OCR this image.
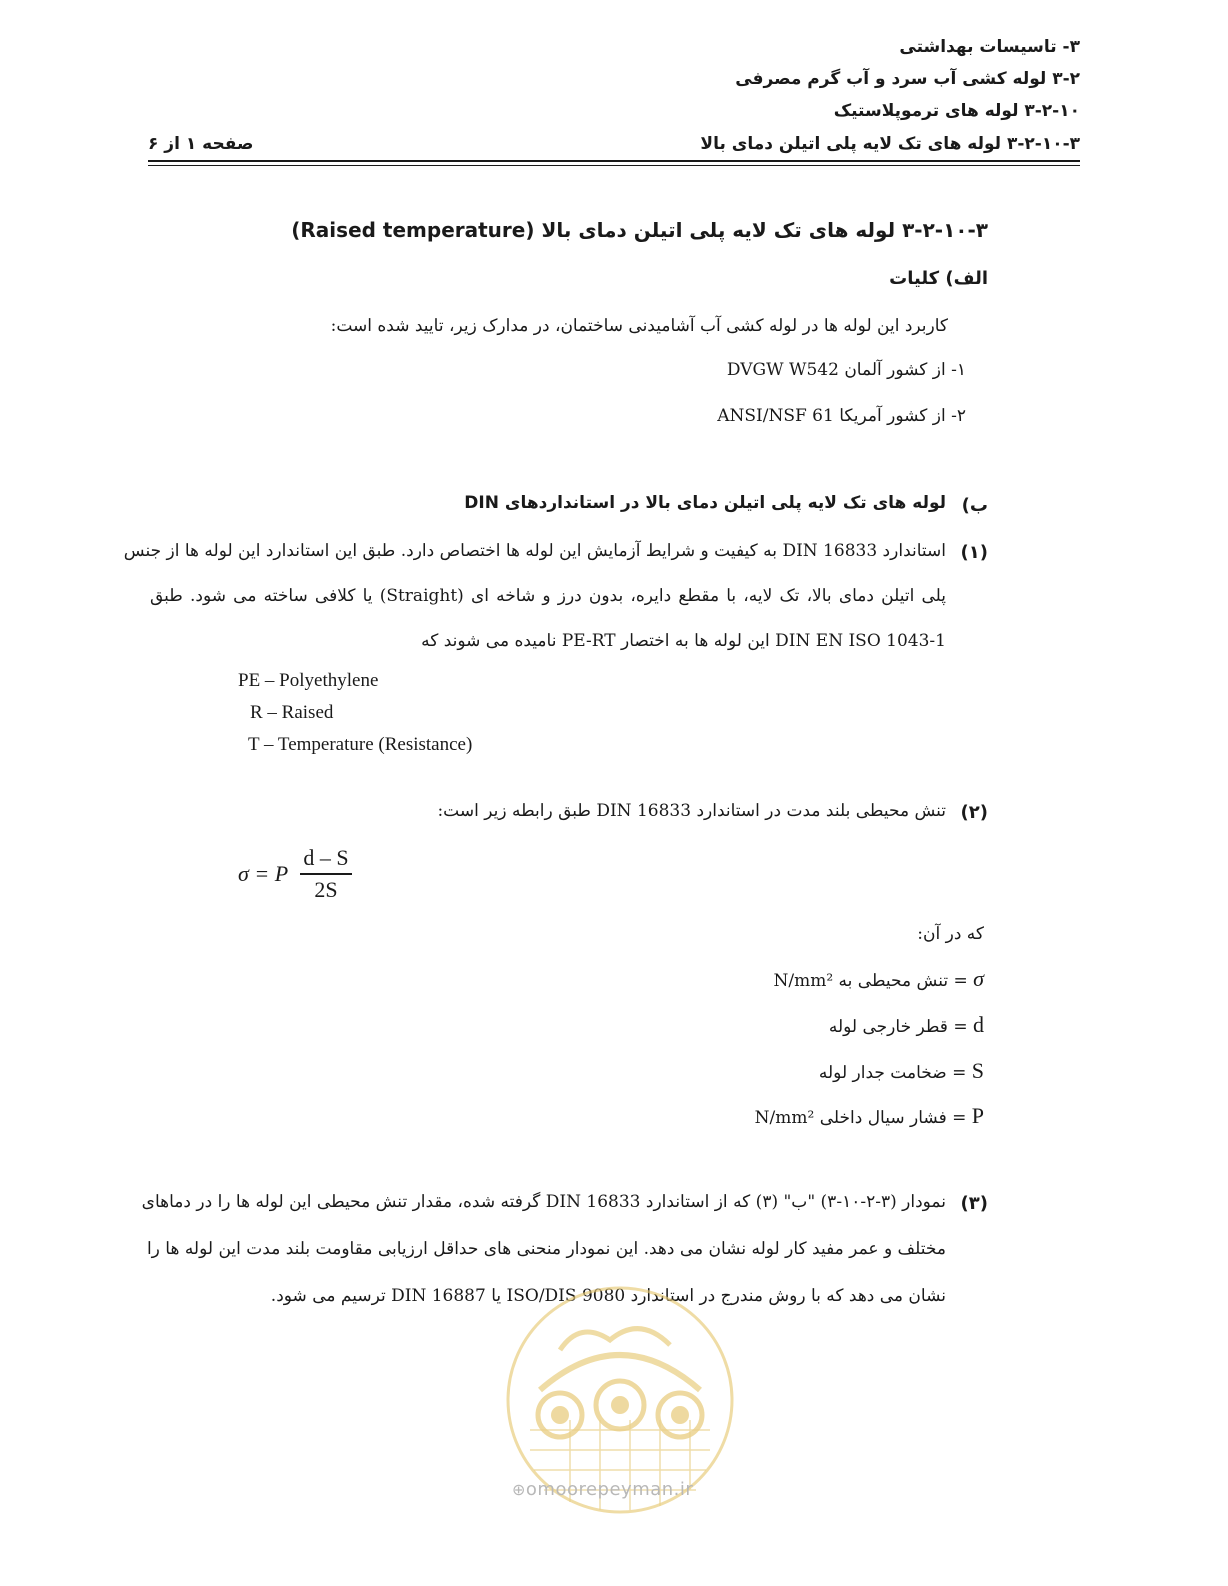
۳- تاسیسات بهداشتی
۳-۲ لوله کشی آب سرد و آب گرم مصرفی
۳-۲-۱۰ لوله های ترموپلاستیک
۳-۲-۱۰-۳ لوله های تک لایه پلی اتیلن دمای بالا
صفحه ۱ از ۶
۳-۲-۱۰-۳ لوله های تک لایه پلی اتیلن دمای بالا (Raised temperature)
الف) کلیات
کاربرد این لوله ها در لوله کشی آب آشامیدنی ساختمان، در مدارک زیر، تایید شده است:
۱- از کشور آلمان DVGW W542
۲- از کشور آمریکا ANSI/NSF 61
ب)
لوله های تک لایه پلی اتیلن دمای بالا در استانداردهای DIN
(۱)
استاندارد DIN 16833 به کیفیت و شرایط آزمایش این لوله ها اختصاص دارد. طبق این استاندارد این لوله ها از جنس
پلی اتیلن دمای بالا، تک لایه، با مقطع دایره، بدون درز و شاخه ای (Straight) یا کلافی ساخته می شود. طبق
DIN EN ISO 1043-1 این لوله ها به اختصار PE-RT نامیده می شوند که
PE – Polyethylene
R – Raised
T – Temperature (Resistance)
(۲)
تنش محیطی بلند مدت در استاندارد DIN 16833 طبق رابطه زیر است:
σ = P
d – S
2S
که در آن:
σ = تنش محیطی به N/mm²
d = قطر خارجی لوله
S = ضخامت جدار لوله
P = فشار سیال داخلی N/mm²
(۳)
نمودار (۳-۲-۱۰-۳) "ب" (۳) که از استاندارد DIN 16833 گرفته شده، مقدار تنش محیطی این لوله ها را در دماهای
مختلف و عمر مفید کار لوله نشان می دهد. این نمودار منحنی های حداقل ارزیابی مقاومت بلند مدت این لوله ها را
نشان می دهد که با روش مندرج در استاندارد ISO/DIS 9080 یا DIN 16887 ترسیم می شود.
⊕omoorepeyman.ir
